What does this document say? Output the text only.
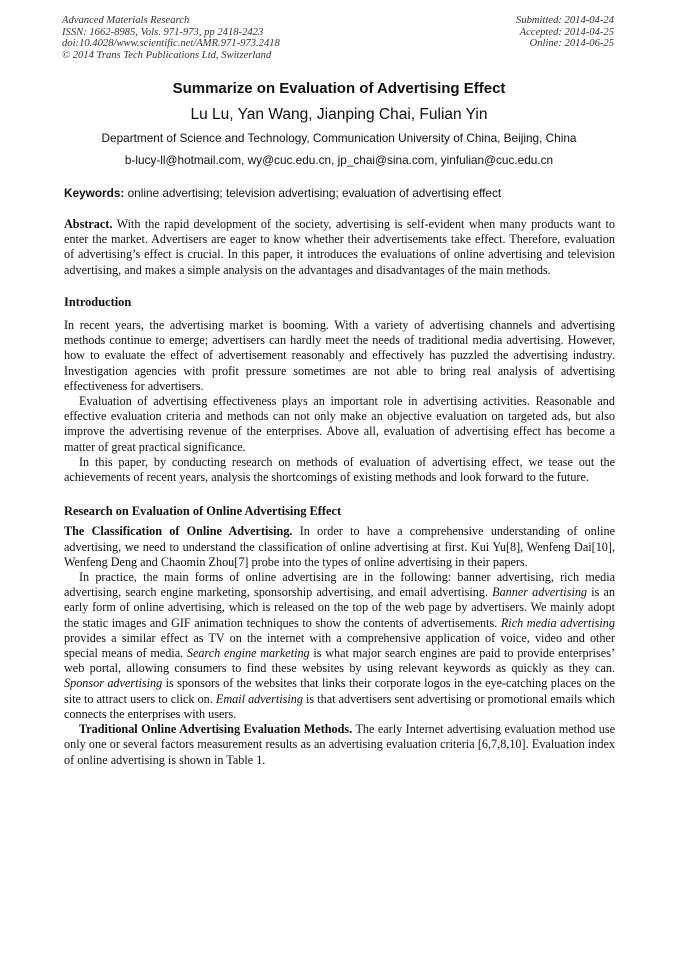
Advanced Materials Research
ISSN: 1662-8985, Vols. 971-973, pp 2418-2423
doi:10.4028/www.scientific.net/AMR.971-973.2418
© 2014 Trans Tech Publications Ltd, Switzerland
Submitted: 2014-04-24
Accepted: 2014-04-25
Online: 2014-06-25
Summarize on Evaluation of Advertising Effect
Lu Lu, Yan Wang, Jianping Chai, Fulian Yin
Department of Science and Technology, Communication University of China, Beijing, China
b-lucy-ll@hotmail.com, wy@cuc.edu.cn, jp_chai@sina.com, yinfulian@cuc.edu.cn
Keywords: online advertising; television advertising; evaluation of advertising effect

Abstract. With the rapid development of the society, advertising is self-evident when many products want to enter the market. Advertisers are eager to know whether their advertisements take effect. Therefore, evaluation of advertising’s effect is crucial. In this paper, it introduces the evaluations of online advertising and television advertising, and makes a simple analysis on the advantages and disadvantages of the main methods.

Introduction

In recent years, the advertising market is booming. With a variety of advertising channels and advertising methods continue to emerge; advertisers can hardly meet the needs of traditional media advertising. However, how to evaluate the effect of advertisement reasonably and effectively has puzzled the advertising industry. Investigation agencies with profit pressure sometimes are not able to bring real analysis of advertising effectiveness for advertisers.

Evaluation of advertising effectiveness plays an important role in advertising activities. Reasonable and effective evaluation criteria and methods can not only make an objective evaluation on targeted ads, but also improve the advertising revenue of the enterprises. Above all, evaluation of advertising effect has become a matter of great practical significance.

In this paper, by conducting research on methods of evaluation of advertising effect, we tease out the achievements of recent years, analysis the shortcomings of existing methods and look forward to the future.

Research on Evaluation of Online Advertising Effect

The Classification of Online Advertising. In order to have a comprehensive understanding of online advertising, we need to understand the classification of online advertising at first. Kui Yu[8], Wenfeng Dai[10], Wenfeng Deng and Chaomin Zhou[7] probe into the types of online advertising in their papers.

In practice, the main forms of online advertising are in the following: banner advertising, rich media advertising, search engine marketing, sponsorship advertising, and email advertising. Banner advertising is an early form of online advertising, which is released on the top of the web page by advertisers. We mainly adopt the static images and GIF animation techniques to show the contents of advertisements. Rich media advertising provides a similar effect as TV on the internet with a comprehensive application of voice, video and other special means of media. Search engine marketing is what major search engines are paid to provide enterprises’ web portal, allowing consumers to find these websites by using relevant keywords as quickly as they can. Sponsor advertising is sponsors of the websites that links their corporate logos in the eye-catching places on the site to attract users to click on. Email advertising is that advertisers sent advertising or promotional emails which connects the enterprises with users.

Traditional Online Advertising Evaluation Methods. The early Internet advertising evaluation method use only one or several factors measurement results as an advertising evaluation criteria [6,7,8,10]. Evaluation index of online advertising is shown in Table 1.
